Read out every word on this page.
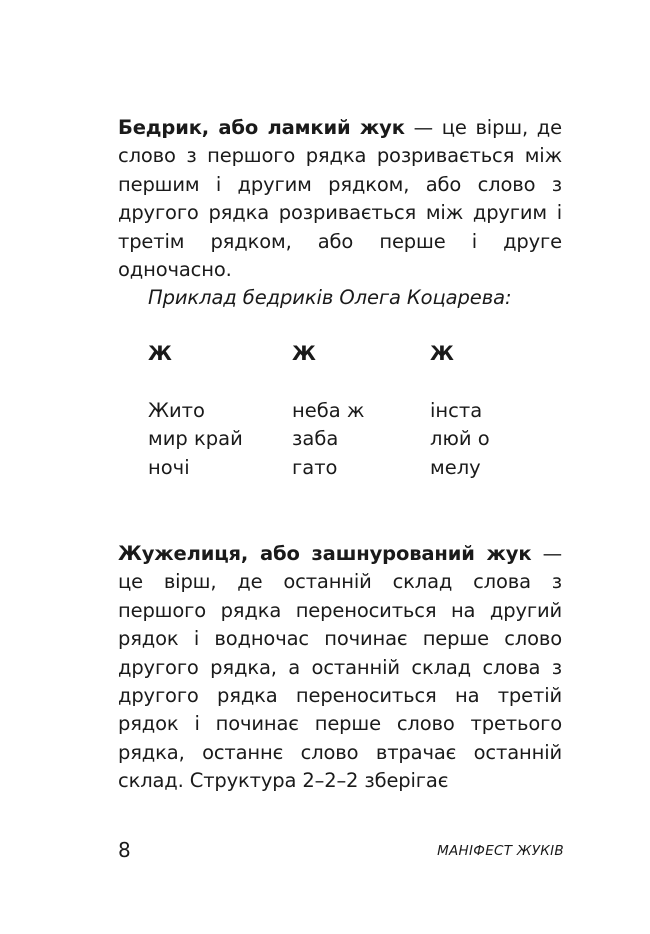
Бедрик, або ламкий жук — це вірш, де слово з першого рядка розривається між першим і другим рядком, або слово з другого рядка розривається між другим і третім рядком, або перше і друге одночасно.

Приклад бедриків Олега Коцарева:
Ж
Жито
мир край
ночі
Ж
неба ж
заба
гато
Ж
інста
люй о
мелу

Жужелиця, або зашнурований жук — це вірш, де останній склад слова з першого рядка переноситься на другий рядок і водночас починає перше слово другого рядка, а останній склад слова з другого рядка переноситься на третій рядок і починає перше слово третього рядка, останнє слово втрачає останній склад. Структура 2–2–2 зберігає

8	МАНІФЕСТ ЖУКІВ
